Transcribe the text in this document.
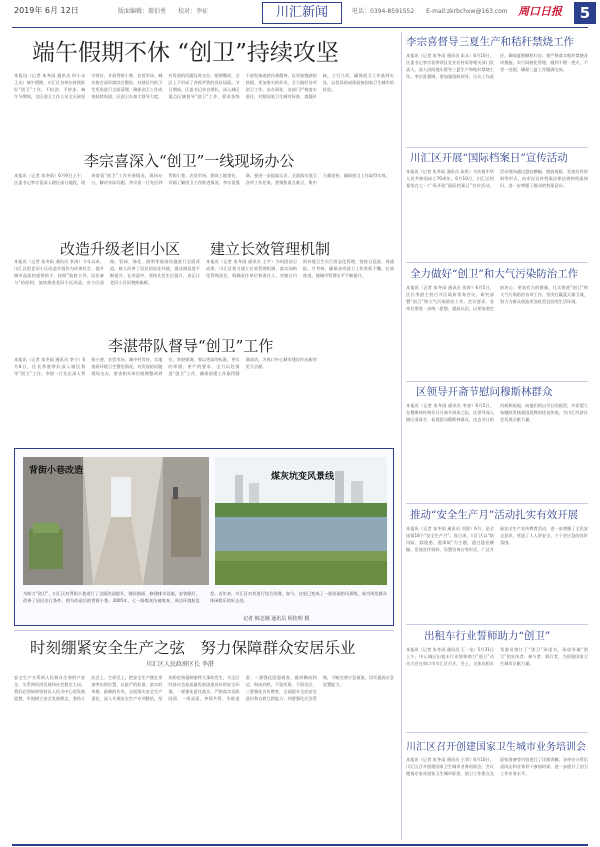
2019年 6月 12日	版面编辑：郝伯勇　　校对：李征	川汇新闻	电话：0394-8591552　　E-mail:zkrbchxw@163.com 周口日报	5
端午假期不休 “创卫”持续攻坚
本报讯（记者 朱冬雨 通讯员 时小永 王永）端午假期，川汇区各单位持续抓好“创卫”工作，不松劲、不停步。端午节期间，全区创卫工作人员全天候坚守岗位，开展背街小巷、农贸市场、城乡接合部环境综合整治，对辖区内的卫生死角进行全面清理，确保创卫工作成效持续巩固。区创卫办加大督导力度，对发现的问题及时交办、限期整改，全区上下形成了齐抓共管的良好局面。节日期间，区委书记亲自带队，深入城区重点区域督导“创卫”工作，要求各级干部发扬连续作战精神，以更加饱满的热情、更加务实的作风，全力做好各项创卫工作。各办事处、各部门严格落实责任，对照国家卫生城市标准，查漏补缺，立行立改，确保创卫工作落到实处，以优异的成绩迎接国家卫生城市的检验。
李宗喜深入“创卫”一线现场办公
本报讯（记者 朱冬雨）6月9日上午，区委书记李宗喜深入辖区部分地段，现场查看“创卫”工作开展情况，现场办公，解决实际问题。李宗喜一行先后到背街小巷、农贸市场、建筑工地等处，详细了解创卫工作推进情况。李宗喜强调，要进一步提高认识，全面落实创卫各项工作任务，要聚焦重点难点，集中力量攻坚，确保创卫工作取得实效。
改造升级老旧小区 建立长效管理机制
本报讯（记者 朱冬雨 通讯员 李涛）今年以来，川汇区把老旧小区改造升级作为改善民生、提升城市品质的重要抓手，按照“政府主导、居民参与”的原则，加快推进老旧小区改造，对小区道路、管网、绿化、照明等基础设施进行全面改造，极大改善了居民的居住环境，群众满意度不断提升。在改造中，坚持先民生后提升，真正让老旧小区旧貌换新颜。
本报讯（记者 朱冬雨 通讯员 王宇）为巩固创卫成果，川汇区着力建立长效管理机制，落实网格化管理责任，明确责任单位和责任人，对辖区内的环境卫生实行常态化管理，坚持日巡查、周通报、月考核，确保各项创卫工作常抓不懈、长效推进，使城市管理水平不断提升。
李湛带队督导“创卫”工作
本报讯（记者 朱冬雨 通讯员 李宁）6月8日，区长李湛带队深入辖区督导“创卫”工作。李湛一行先后深入背街小巷、农贸市场、城中村等处，实地查看环境卫生整治情况，对发现的问题现场交办，要求相关单位限期整改到位。李湛强调，要以更高的标准、更实的举措、更严的要求，全力以赴推进“创卫”工作，确保创建工作取得圆满成功，为周口中心城市建设作出新的更大贡献。
背街小巷改造
煤灰坑变风景线
为助力“创卫”，川汇区对背街小巷进行了全面改造提升，铺设路面、修建排水设施，安装路灯，改善了居民出行条件。图为改造后的背街小巷。2005年，七一路煤灰坑被废弃，周边环境脏乱差。近年来，川汇区对其进行综合治理，如今，这里已变成了一道亮丽的风景线，成为周边群众休闲娱乐的好去处。
记者 韩志刚 通讯员 程钦明 摄
时刻绷紧安全生产之弦　努力保障群众安居乐业
川汇区人民政府区长 李湛
安全生产关系到人民群众生命财产安全，关系到经济发展和社会稳定大局。我们必须始终坚持以人民为中心的发展思想，牢固树立安全发展理念，坚持人民至上、生命至上，把安全生产摆在更加突出的位置，以最严的标准、最实的举措、最硬的作风，全面落实安全生产责任，深入开展安全生产专项整治，坚决防范和遏制重特大事故发生，为全区经济社会高质量发展创造良好的安全环境。一要强化责任落实，严格落实党政同责、一岗双责、齐抓共管、失职追责；二要强化隐患排查，做到横向到边、纵向到底，不留死角、不留盲区；三要强化宣传教育，全面提升全民安全意识和自救互救能力；四要强化应急管理，不断完善应急预案，切实提高应急处置能力。
李宗喜督导三夏生产和秸秆禁烧工作
本报讯（记者 朱冬雨 通讯员 朱永）6月10日，区委书记李宗喜带领区农业农村局等相关部门负责人，深入田间地头督导三夏生产和秸秆禁烧工作。李宗喜强调，要加强组织领导，压实工作责任，确保夏粮颗粒归仓；要严格落实秸秆禁烧各项措施，实行网格化管理，做到不燃一把火、不冒一处烟，确保三夏工作圆满完成。
川汇区开展“国际档案日”宣传活动
本报讯（记者 朱冬雨 通讯员 朱俭）为庆祝中华人民共和国成立70周年，6月10日，川汇区档案馆在七一广场开展“国际档案日”宣传活动。活动现场通过悬挂横幅、摆放展板、发放宣传资料等形式，向市民宣传档案法律法规和档案知识，进一步增强了群众的档案意识。
全力做好“创卫”和大气污染防治工作
本报讯（记者 朱冬雨 通讯员 张婷）6月5日，区长李湛主持召开区政府常务会议，研究部署“创卫”和大气污染防治工作。会议要求，各单位要进一步统一思想，提高认识，以更加坚定的决心、更加有力的措施，扎实推进“创卫”和大气污染防治各项工作，坚决打赢蓝天保卫战，努力为群众创造更加优美宜居的生活环境。
区领导开斋节慰问穆斯林群众
本报讯（记者 朱冬雨 通讯员 李金）6月5日，在穆斯林传统节日开斋节到来之际，区领导深入辖区清真寺，看望慰问穆斯林群众，送去节日的问候和祝福，向他们致以节日的祝贺，并希望大家继续发扬爱国爱教的优良传统，为川汇经济社会发展贡献力量。
推动“安全生产月”活动扎实有效开展
本报讯（记者 朱冬雨 通讯员 刘涛）6月，是全国第18个“安全生产月”。连日来，川汇区以“防风险、除隐患、遏事故”为主题，通过悬挂横幅、发放宣传资料、设置咨询台等形式，广泛开展安全生产宣传教育活动，进一步增强了全民安全意识，营造了人人讲安全、个个会应急的良好氛围。
出租车行业誓师助力“创卫”
本报讯（记者 朱冬雨 通讯员 王一龙）5月31日上午，中心城区出租车行业誓师助力“创卫”动员大会在周口市川汇区召开。会上，全体出租车驾驶员签订了“创卫”承诺书，承诺争做“创卫”的宣传者、参与者、践行者，为创建国家卫生城市贡献力量。
川汇区召开创建国家卫生城市业务培训会
本报讯（记者 朱冬雨 通讯员 王翠）6月10日，川汇区召开创建国家卫生城市业务培训会。会议邀请专家对国家卫生城市标准、创卫工作要点及迎检准备等内容进行了详细讲解。各单位分管负责同志和业务骨干参加培训，进一步提升了创卫工作业务水平。
